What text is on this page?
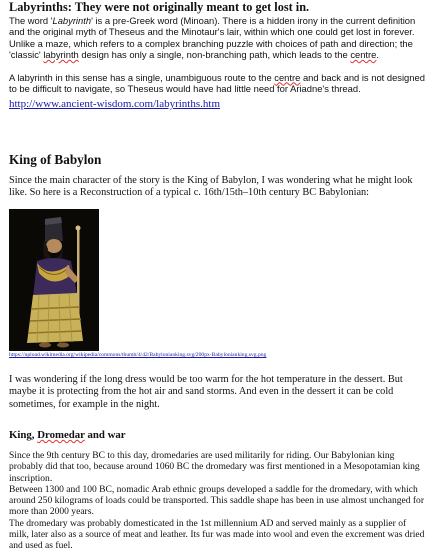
Labyrinths: They were not originally meant to get lost in.

The word 'Labyrinth' is a pre-Greek word (Minoan). There is a hidden irony in the current definition and the original myth of Theseus and the Minotaur's lair, within which one could get lost in forever. Unlike a maze, which refers to a complex branching puzzle with choices of path and direction; the 'classic' labyrinth design has only a single, non-branching path, which leads to the centre.

A labyrinth in this sense has a single, unambiguous route to the centre and back and is not designed to be difficult to navigate, so Theseus would have had little need for Ariadne's thread.

http://www.ancient-wisdom.com/labyrinths.htm

King of Babylon

Since the main character of the story is the King of Babylon, I was wondering what he might look like. So here is a Reconstruction of a typical c. 16th/15th–10th century BC Babylonian:

https://upload.wikimedia.org/wikipedia/commons/thumb/4/42/Babylonianking.svg/200px-Babylonianking.svg.png

I was wondering if the long dress would be too warm for the hot temperature in the dessert. But maybe it is protecting from the hot air and sand storms. And even in the dessert it can be cold sometimes, for example in the night.

King, Dromedar and war

Since the 9th century BC to this day, dromedaries are used militarily for riding. Our Babylonian king probably did that too, because around 1060 BC the dromedary was first mentioned in a Mesopotamian king inscription.
Between 1300 and 100 BC, nomadic Arab ethnic groups developed a saddle for the dromedary, with which around 250 kilograms of loads could be transported. This saddle shape has been in use almost unchanged for more than 2000 years.
The dromedary was probably domesticated in the 1st millennium AD and served mainly as a supplier of milk, later also as a source of meat and leather. Its fur was made into wool and even the excrement was dried and used as fuel.
